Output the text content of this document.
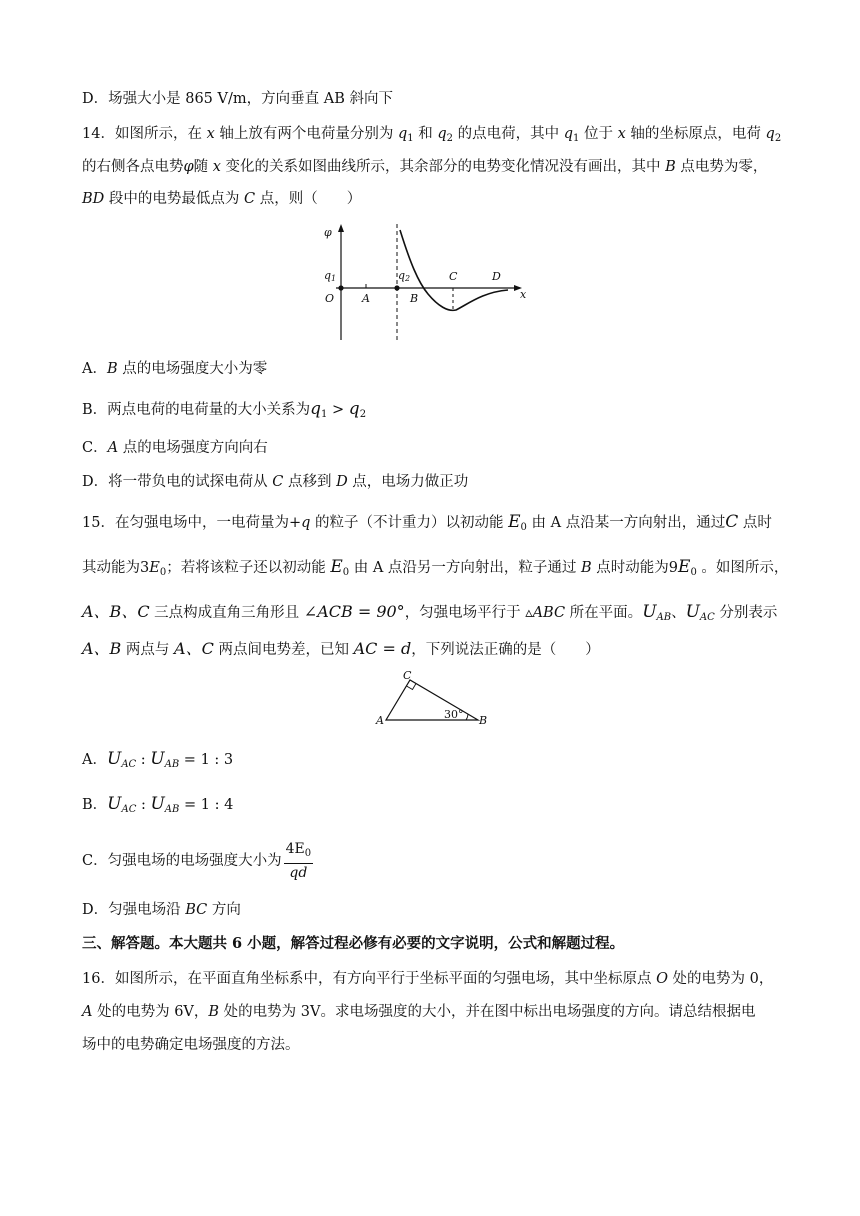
D．场强大小是 865 V/m，方向垂直 AB 斜向下
14．如图所示，在 x 轴上放有两个电荷量分别为 $q_1$ 和 $q_2$ 的点电荷，其中 $q_1$ 位于 x 轴的坐标原点，电荷 $q_2$
的右侧各点电势φ随 x 变化的关系如图曲线所示，其余部分的电势变化情况没有画出，其中 B 点电势为零，
BD 段中的电势最低点为 C 点，则（　　）
φ
q1	q2
O	A	B
C	D
x
A．B 点的电场强度大小为零
B．两点电荷的电荷量的大小关系为$q_1 > q_2$
C．A 点的电场强度方向向右
D．将一带负电的试探电荷从 C 点移到 D 点，电场力做正功
15．在匀强电场中，一电荷量为+q 的粒子（不计重力）以初动能 $E_0$ 由 A 点沿某一方向射出，通过C 点时
其动能为$3E_0$；若将该粒子还以初动能 $E_0$ 由 A 点沿另一方向射出，粒子通过 B 点时动能为$9E_0$ 。如图所示，
A、B、C 三点构成直角三角形且 ∠ACB = 90°，匀强电场平行于 ▵ABC 所在平面。$U_{AB}$、$U_{AC}$ 分别表示
A、B 两点与 A、C 两点间电势差，已知 AC = d，下列说法正确的是（　　）
A	B
C
30°
A．$U_{AC}$ : $U_{AB} = 1$ : 3
B．$U_{AC}$ : $U_{AB} = 1$ : 4
C．匀强电场的电场强度大小为 $\frac{4E_0}{qd}$
D．匀强电场沿 BC 方向
三、解答题。本大题共 6 小题，解答过程必修有必要的文字说明，公式和解题过程。
16．如图所示，在平面直角坐标系中，有方向平行于坐标平面的匀强电场，其中坐标原点 O 处的电势为 0，
A 处的电势为 6V，B 处的电势为 3V。求电场强度的大小，并在图中标出电场强度的方向。请总结根据电
场中的电势确定电场强度的方法。
